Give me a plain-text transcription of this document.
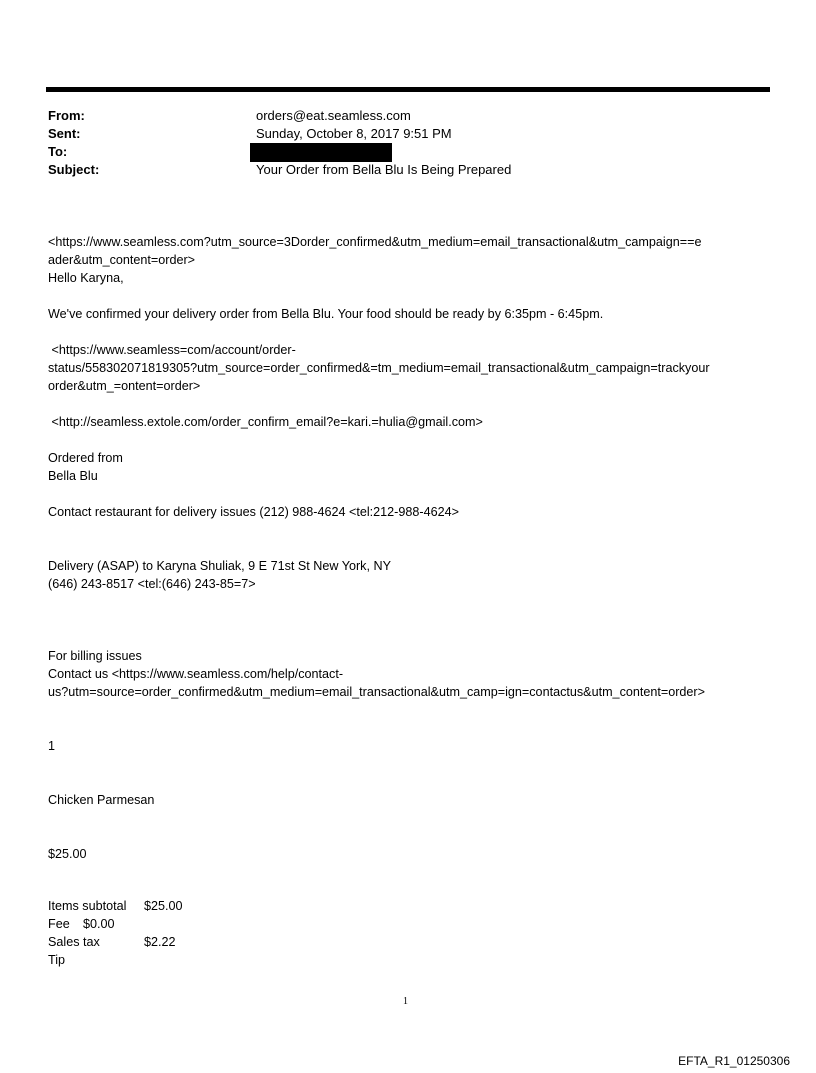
From:	orders@eat.seamless.com
Sent:	Sunday, October 8, 2017 9:51 PM
To:
Subject:	Your Order from Bella Blu Is Being Prepared
<https://www.seamless.com?utm_source=3Dorder_confirmed&utm_medium=email_transactional&utm_campaign==e
ader&utm_content=order>
Hello Karyna,
We've confirmed your delivery order from Bella Blu. Your food should be ready by 6:35pm - 6:45pm.
<https://www.seamless=com/account/order-
status/558302071819305?utm_source=order_confirmed&=tm_medium=email_transactional&utm_campaign=trackyour
order&utm_=ontent=order>
<http://seamless.extole.com/order_confirm_email?e=kari.=hulia@gmail.com>
Ordered from
Bella Blu
Contact restaurant for delivery issues (212) 988-4624 <tel:212-988-4624>
Delivery (ASAP) to Karyna Shuliak, 9 E 71st St New York, NY
(646) 243-8517 <tel:(646) 243-85=7>
For billing issues
Contact us <https://www.seamless.com/help/contact-
us?utm=source=order_confirmed&utm_medium=email_transactional&utm_camp=ign=contactus&utm_content=order>
1
Chicken Parmesan
$25.00
Items subtotal $25.00
Fee $0.00
Sales tax	$2.22
Tip
1
EFTA_R1_01250306
